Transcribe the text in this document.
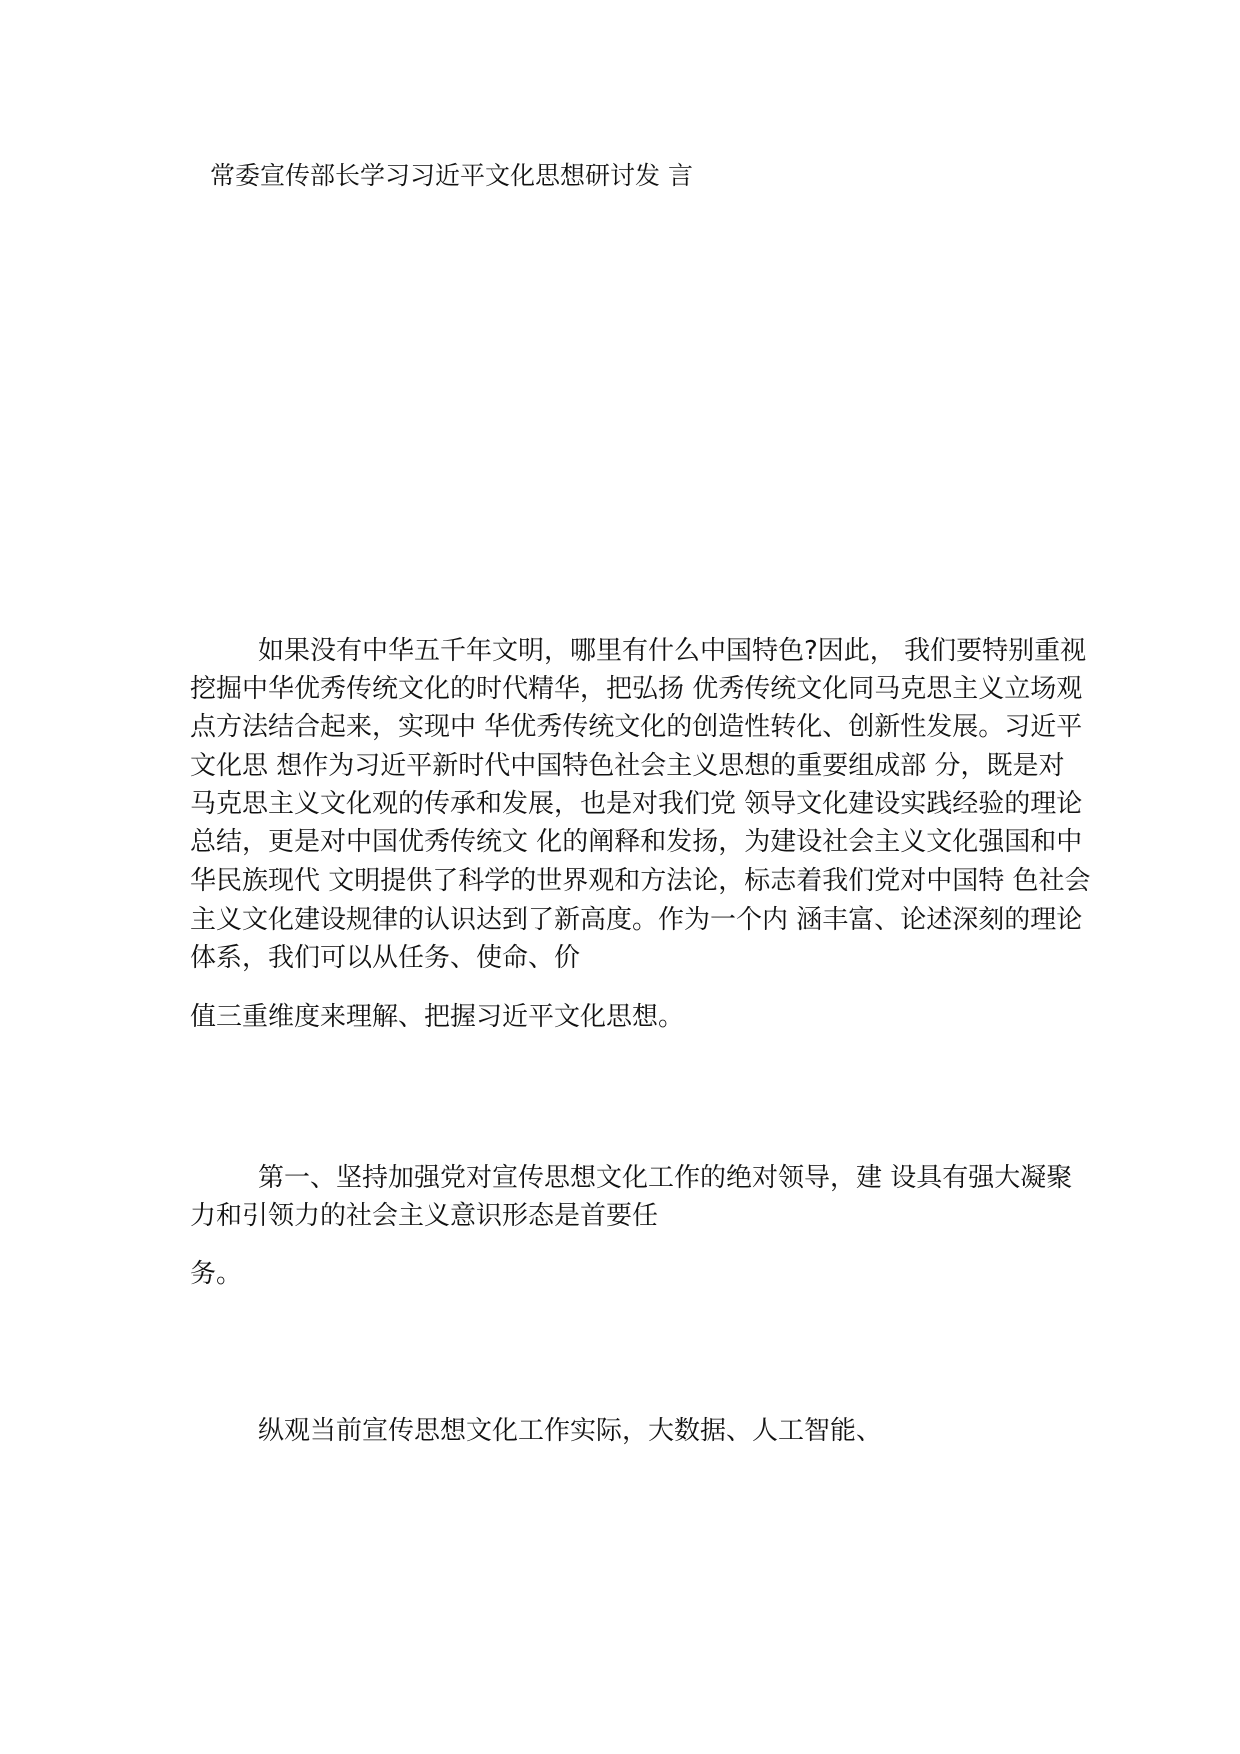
常委宣传部长学习习近平文化思想研讨发 言
如果没有中华五千年文明，哪里有什么中国特色?因此， 我们要特别重视
挖掘中华优秀传统文化的时代精华，把弘扬 优秀传统文化同马克思主义立场观
点方法结合起来，实现中 华优秀传统文化的创造性转化、创新性发展。习近平
文化思 想作为习近平新时代中国特色社会主义思想的重要组成部 分，既是对
马克思主义文化观的传承和发展，也是对我们党 领导文化建设实践经验的理论
总结，更是对中国优秀传统文 化的阐释和发扬，为建设社会主义文化强国和中
华民族现代 文明提供了科学的世界观和方法论，标志着我们党对中国特 色社会
主义文化建设规律的认识达到了新高度。作为一个内 涵丰富、论述深刻的理论
体系，我们可以从任务、使命、价
值三重维度来理解、把握习近平文化思想。
第一、坚持加强党对宣传思想文化工作的绝对领导，建 设具有强大凝聚
力和引领力的社会主义意识形态是首要任
务。
纵观当前宣传思想文化工作实际，大数据、人工智能、
